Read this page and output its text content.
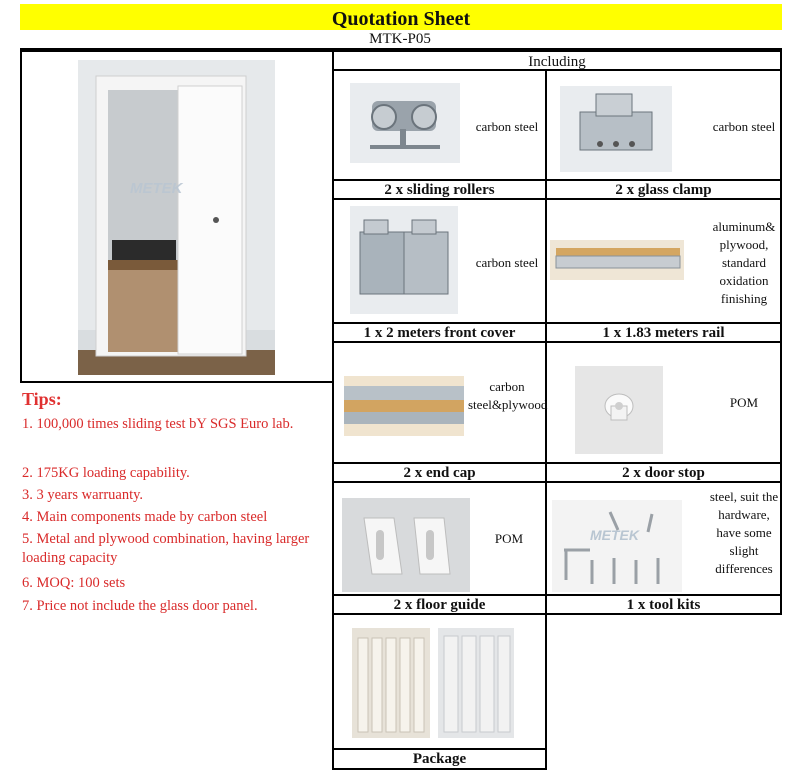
Quotation Sheet
MTK-P05
METEK
Including
carbon steel
2 x sliding rollers
carbon steel
2 x glass clamp
carbon steel
1 x 2 meters front cover
aluminum& plywood, standard oxidation finishing
1 x 1.83 meters rail
carbon steel&plywood
2 x end cap
POM
2 x door stop
POM
2 x floor guide
METEK
steel, suit the hardware, have some slight differences
1 x tool kits
Package
Tips:
1. 100,000 times sliding test bY SGS Euro lab.
2. 175KG loading capability.
3. 3 years warruanty.
4. Main components made by carbon steel
5. Metal and plywood combination, having larger loading capacity
6. MOQ: 100 sets
7. Price not include the glass door panel.
